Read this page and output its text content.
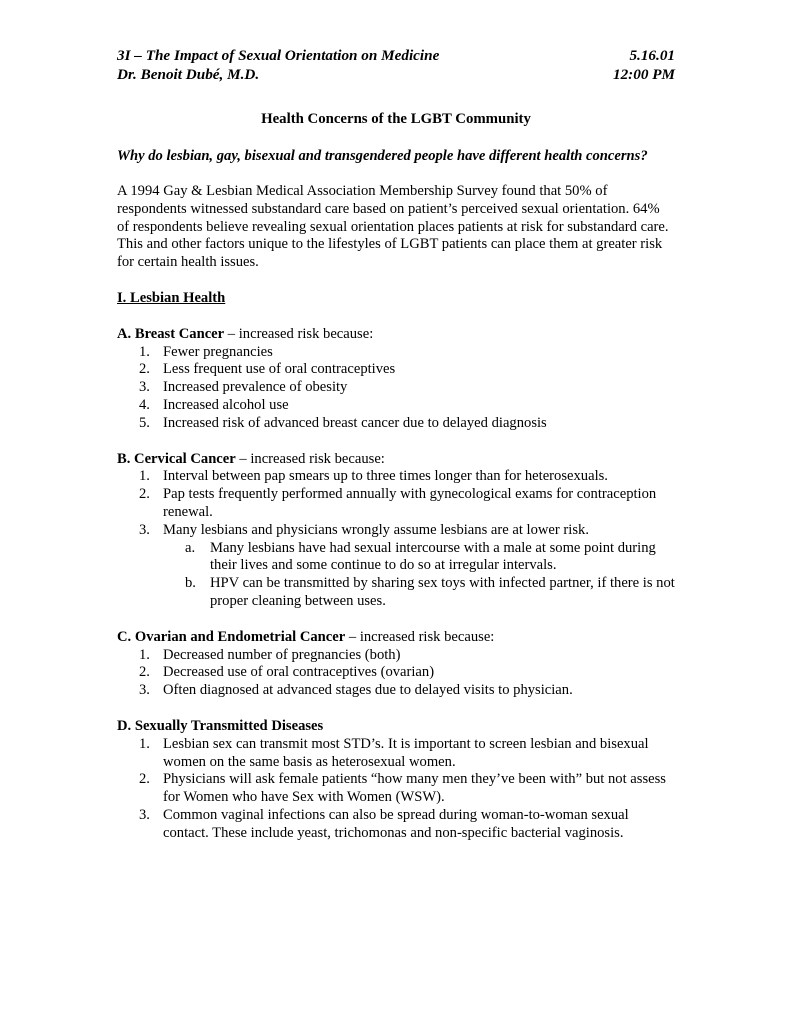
3I – The Impact of Sexual Orientation on Medicine	5.16.01
Dr. Benoit Dubé, M.D.	12:00 PM
Health Concerns of the LGBT Community
Why do lesbian, gay, bisexual and transgendered people have different health concerns?

A 1994 Gay & Lesbian Medical Association Membership Survey found that 50% of respondents witnessed substandard care based on patient’s perceived sexual orientation. 64% of respondents believe revealing sexual orientation places patients at risk for substandard care. This and other factors unique to the lifestyles of LGBT patients can place them at greater risk for certain health issues.

I. Lesbian Health
A. Breast Cancer – increased risk because:
1. Fewer pregnancies
2. Less frequent use of oral contraceptives
3. Increased prevalence of obesity
4. Increased alcohol use
5. Increased risk of advanced breast cancer due to delayed diagnosis
B. Cervical Cancer – increased risk because:
1. Interval between pap smears up to three times longer than for heterosexuals.
2. Pap tests frequently performed annually with gynecological exams for contraception renewal.
3. Many lesbians and physicians wrongly assume lesbians are at lower risk.
a. Many lesbians have had sexual intercourse with a male at some point during their lives and some continue to do so at irregular intervals.
b. HPV can be transmitted by sharing sex toys with infected partner, if there is not proper cleaning between uses.
C. Ovarian and Endometrial Cancer – increased risk because:
1. Decreased number of pregnancies (both)
2. Decreased use of oral contraceptives (ovarian)
3. Often diagnosed at advanced stages due to delayed visits to physician.
D. Sexually Transmitted Diseases
1. Lesbian sex can transmit most STD’s. It is important to screen lesbian and bisexual women on the same basis as heterosexual women.
2. Physicians will ask female patients “how many men they’ve been with” but not assess for Women who have Sex with Women (WSW).
3. Common vaginal infections can also be spread during woman-to-woman sexual contact. These include yeast, trichomonas and non-specific bacterial vaginosis.
